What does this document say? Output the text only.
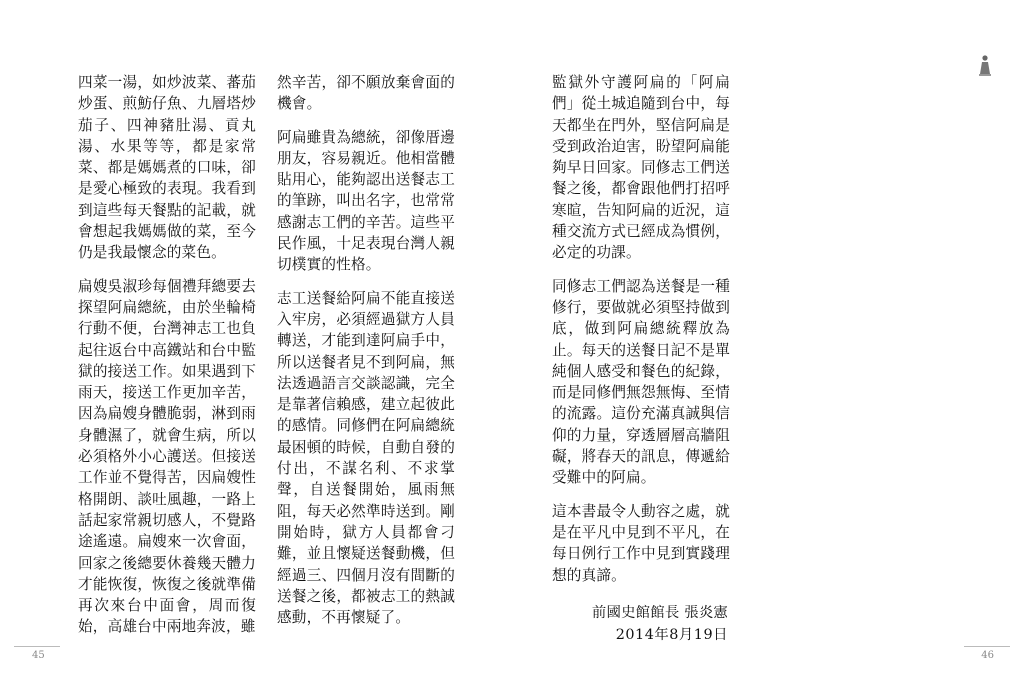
四菜一湯，如炒波菜、蕃茄炒蛋、煎魴仔魚、九層塔炒茄子、四神豬肚湯、貢丸湯、水果等等，都是家常菜、都是媽媽煮的口味，卻是愛心極致的表現。我看到到這些每天餐點的記載，就會想起我媽媽做的菜，至今仍是我最懷念的菜色。

扁嫂吳淑珍每個禮拜總要去探望阿扁總統，由於坐輪椅行動不便，台灣神志工也負起往返台中高鐵站和台中監獄的接送工作。如果遇到下雨天，接送工作更加辛苦，因為扁嫂身體脆弱，淋到雨身體濕了，就會生病，所以必須格外小心護送。但接送工作並不覺得苦，因扁嫂性格開朗、談吐風趣，一路上話起家常親切感人，不覺路途遙遠。扁嫂來一次會面，回家之後總要休養幾天體力才能恢復，恢復之後就準備再次來台中面會，周而復始，高雄台中兩地奔波，雖

然辛苦，卻不願放棄會面的機會。

阿扁雖貴為總統，卻像厝邊朋友，容易親近。他相當體貼用心，能夠認出送餐志工的筆跡，叫出名字，也常常感謝志工們的辛苦。這些平民作風，十足表現台灣人親切樸實的性格。

志工送餐給阿扁不能直接送入牢房，必須經過獄方人員轉送，才能到達阿扁手中，所以送餐者見不到阿扁，無法透過語言交談認識，完全是靠著信賴感，建立起彼此的感情。同修們在阿扁總統最困頓的時候，自動自發的付出，不謀名利、不求掌聲，自送餐開始，風雨無阻，每天必然準時送到。剛開始時，獄方人員都會刁難，並且懷疑送餐動機，但經過三、四個月沒有間斷的送餐之後，都被志工的熱誠感動，不再懷疑了。

45

監獄外守護阿扁的「阿扁們」從土城追隨到台中，每天都坐在門外，堅信阿扁是受到政治迫害，盼望阿扁能夠早日回家。同修志工們送餐之後，都會跟他們打招呼寒暄，告知阿扁的近況，這種交流方式已經成為慣例，必定的功課。

同修志工們認為送餐是一種修行，要做就必須堅持做到底，做到阿扁總統釋放為止。每天的送餐日記不是單純個人感受和餐色的紀錄，而是同修們無怨無悔、至情的流露。這份充滿真誠與信仰的力量，穿透層層高牆阻礙，將春天的訊息，傳遞給受難中的阿扁。

這本書最令人動容之處，就是在平凡中見到不平凡，在每日例行工作中見到實踐理想的真諦。

前國史館館長 張炎憲
2014年8月19日
46
